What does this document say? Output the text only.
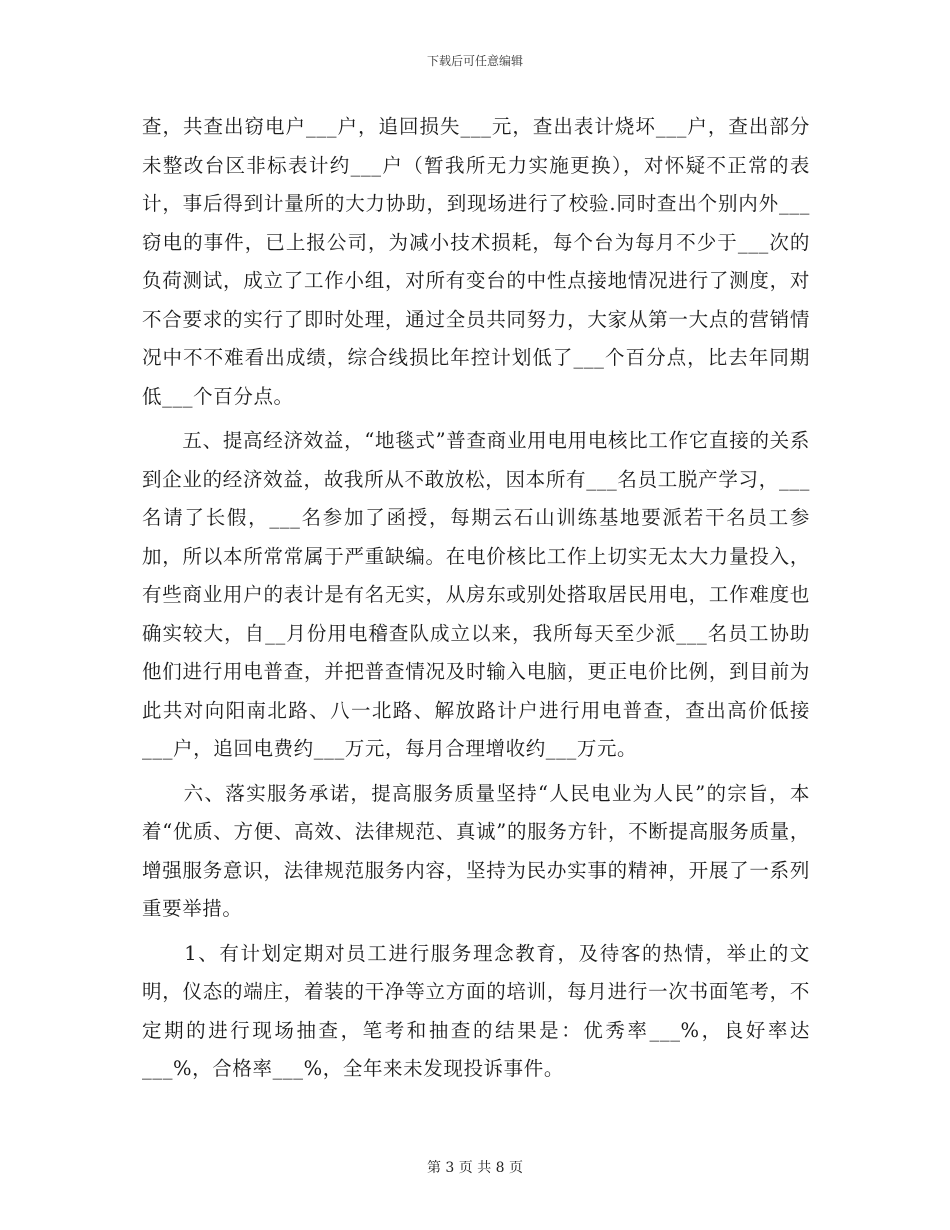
下载后可任意编辑

查，共查出窃电户___户，追回损失___元，查出表计烧坏___户，查出部分未整改台区非标表计约___户（暂我所无力实施更换），对怀疑不正常的表计，事后得到计量所的大力协助，到现场进行了校验.同时查出个别内外___窃电的事件，已上报公司，为减小技术损耗，每个台为每月不少于___次的负荷测试，成立了工作小组，对所有变台的中性点接地情况进行了测度，对不合要求的实行了即时处理，通过全员共同努力，大家从第一大点的营销情况中不不难看出成绩，综合线损比年控计划低了___个百分点，比去年同期低___个百分点。

　　五、提高经济效益，“地毯式”普查商业用电用电核比工作它直接的关系到企业的经济效益，故我所从不敢放松，因本所有___名员工脱产学习，___名请了长假，___名参加了函授，每期云石山训练基地要派若干名员工参加，所以本所常常属于严重缺编。在电价核比工作上切实无太大力量投入，有些商业用户的表计是有名无实，从房东或别处搭取居民用电，工作难度也确实较大，自__月份用电稽查队成立以来，我所每天至少派___名员工协助他们进行用电普查，并把普查情况及时输入电脑，更正电价比例，到目前为此共对向阳南北路、八一北路、解放路计户进行用电普查，查出高价低接___户，追回电费约___万元，每月合理增收约___万元。

　　六、落实服务承诺，提高服务质量坚持“人民电业为人民”的宗旨，本着“优质、方便、高效、法律规范、真诚”的服务方针，不断提高服务质量，增强服务意识，法律规范服务内容，坚持为民办实事的精神，开展了一系列重要举措。

　　1、有计划定期对员工进行服务理念教育，及待客的热情，举止的文明，仪态的端庄，着装的干净等立方面的培训，每月进行一次书面笔考，不定期的进行现场抽查，笔考和抽查的结果是：优秀率___%，良好率达___%，合格率___%，全年来未发现投诉事件。

第 3 页 共 8 页
